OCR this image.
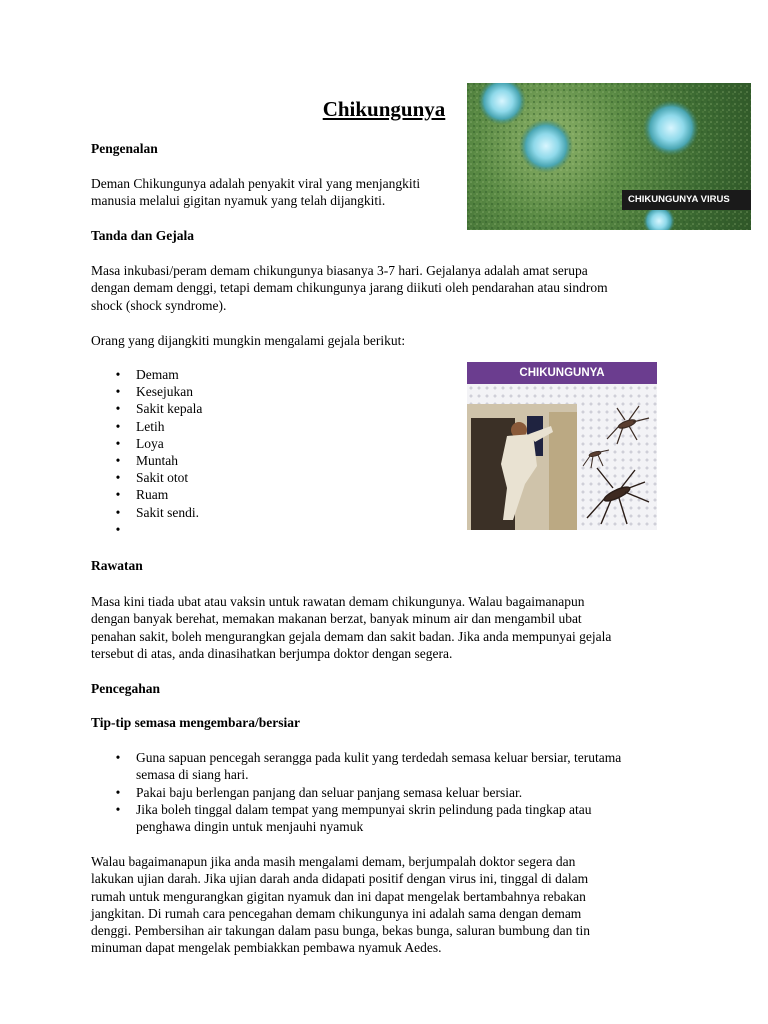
Chikungunya
CHIKUNGUNYA VIRUS
Pengenalan

Deman Chikungunya adalah penyakit viral yang menjangkiti
manusia melalui gigitan nyamuk yang telah dijangkiti.

Tanda dan Gejala

Masa inkubasi/peram demam chikungunya biasanya 3-7 hari. Gejalanya adalah amat serupa
dengan demam denggi, tetapi demam chikungunya jarang diikuti oleh pendarahan atau sindrom
shock (shock syndrome).

Orang yang dijangkiti mungkin mengalami gejala berikut:

• Demam
• Kesejukan
• Sakit kepala
• Letih
• Loya
• Muntah
• Sakit otot
• Ruam
• Sakit sendi.
•
CHIKUNGUNYA
Rawatan

Masa kini tiada ubat atau vaksin untuk rawatan demam chikungunya. Walau bagaimanapun
dengan banyak berehat, memakan makanan berzat, banyak minum air dan mengambil ubat
penahan sakit, boleh mengurangkan gejala demam dan sakit badan. Jika anda mempunyai gejala
tersebut di atas, anda dinasihatkan berjumpa doktor dengan segera.

Pencegahan
Tip-tip semasa mengembara/bersiar
• Guna sapuan pencegah serangga pada kulit yang terdedah semasa keluar bersiar, terutama
semasa di siang hari.
• Pakai baju berlengan panjang dan seluar panjang semasa keluar bersiar.
• Jika boleh tinggal dalam tempat yang mempunyai skrin pelindung pada tingkap atau
penghawa dingin untuk menjauhi nyamuk

Walau bagaimanapun jika anda masih mengalami demam, berjumpalah doktor segera dan
lakukan ujian darah. Jika ujian darah anda didapati positif dengan virus ini, tinggal di dalam
rumah untuk mengurangkan gigitan nyamuk dan ini dapat mengelak bertambahnya rebakan
jangkitan. Di rumah cara pencegahan demam chikungunya ini adalah sama dengan demam
denggi. Pembersihan air takungan dalam pasu bunga, bekas bunga, saluran bumbung dan tin
minuman dapat mengelak pembiakkan pembawa nyamuk Aedes.
